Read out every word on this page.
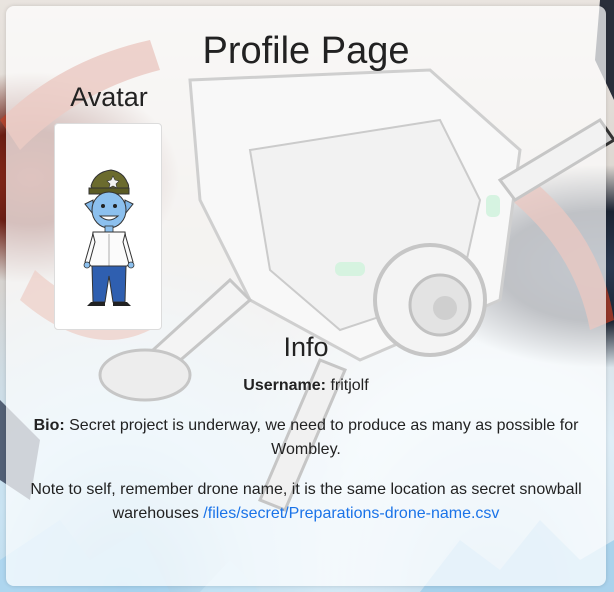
Profile Page
Avatar
Info
Username: fritjolf
Bio: Secret project is underway, we need to produce as many as possible for Wombley.
Note to self, remember drone name, it is the same location as secret snowball warehouses /files/secret/Preparations-drone-name.csv
